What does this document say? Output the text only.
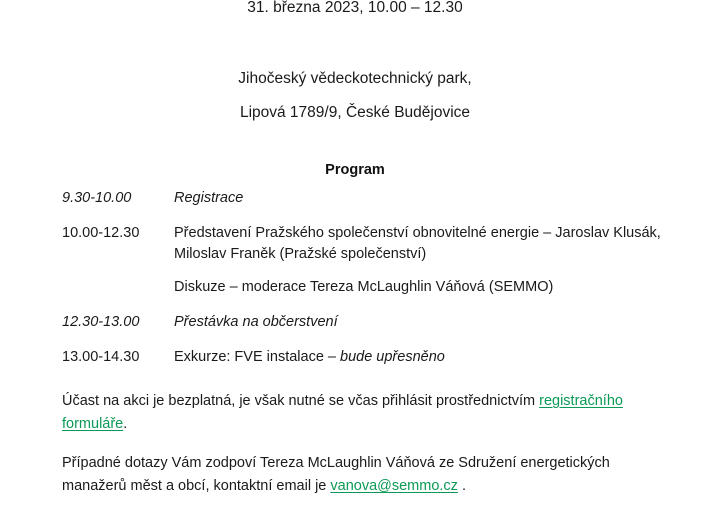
31. března 2023, 10.00 – 12.30
Jihočeský vědeckotechnický park,
Lipová 1789/9, České Budějovice
Program
9.30-10.00	Registrace
10.00-12.30	Představení Pražského společenství obnovitelné energie – Jaroslav Klusák, Miloslav Franěk (Pražské společenství)
Diskuze – moderace Tereza McLaughlin Váňová (SEMMO)
12.30-13.00	Přestávka na občerstvení
13.00-14.30	Exkurze: FVE instalace – bude upřesněno
Účast na akci je bezplatná, je však nutné se včas přihlásit prostřednictvím registračního formuláře.
Případné dotazy Vám zodpoví Tereza McLaughlin Váňová ze Sdružení energetických manažerů měst a obcí, kontaktní email je vanova@semmo.cz .
